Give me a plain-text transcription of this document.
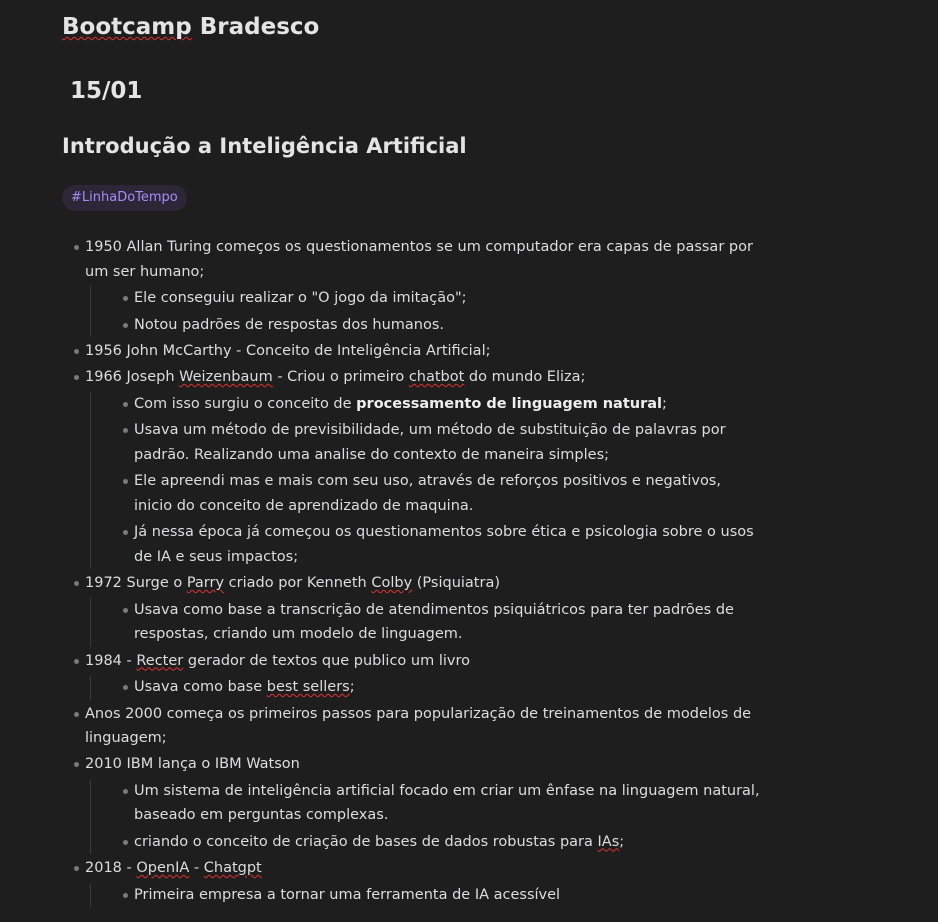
Bootcamp Bradesco
15/01
Introdução a Inteligência Artificial
#LinhaDoTempo
1950 Allan Turing começos os questionamentos se um computador era capas de passar por um ser humano;
Ele conseguiu realizar o "O jogo da imitação";
Notou padrões de respostas dos humanos.
1956 John McCarthy - Conceito de Inteligência Artificial;
1966 Joseph Weizenbaum - Criou o primeiro chatbot do mundo Eliza;
Com isso surgiu o conceito de processamento de linguagem natural;
Usava um método de previsibilidade, um método de substituição de palavras por padrão. Realizando uma analise do contexto de maneira simples;
Ele apreendi mas e mais com seu uso, através de reforços positivos e negativos, inicio do conceito de aprendizado de maquina.
Já nessa época já começou os questionamentos sobre ética e psicologia sobre o usos de IA e seus impactos;
1972 Surge o Parry criado por Kenneth Colby (Psiquiatra)
Usava como base a transcrição de atendimentos psiquiátricos para ter padrões de respostas, criando um modelo de linguagem.
1984 - Recter gerador de textos que publico um livro
Usava como base best sellers;
Anos 2000 começa os primeiros passos para popularização de treinamentos de modelos de linguagem;
2010 IBM lança o IBM Watson
Um sistema de inteligência artificial focado em criar um ênfase na linguagem natural, baseado em perguntas complexas.
criando o conceito de criação de bases de dados robustas para IAs;
2018 - OpenIA - Chatgpt
Primeira empresa a tornar uma ferramenta de IA acessível
